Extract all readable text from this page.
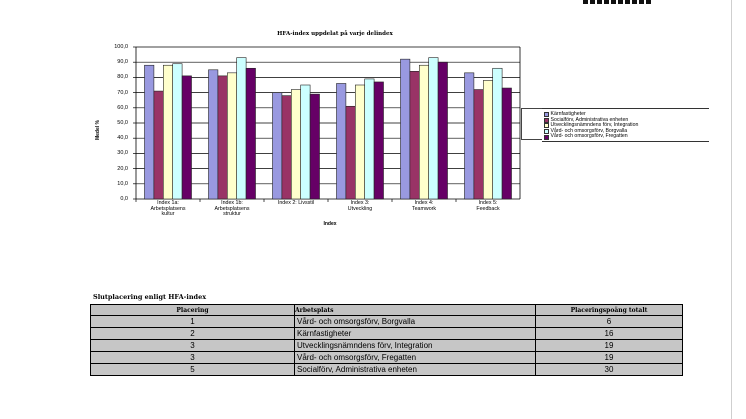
HFA-index uppdelat på varje delindex
Medel %
Index
0,0
10,0
20,0
30,0
40,0
50,0
60,0
70,0
80,0
90,0
100,0
Index 1a:
Arbetsplatsens
kultur
Index 1b:
Arbetsplatsens
struktur
Index 2: Livsstil	Index 3:
Utveckling
Index 4:
Teamwork
Index 5:
Feedback
Kärnfastigheter
Socialförv, Administrativa enheten
Utvecklingsnämndens förv, Integration
Vård- och omsorgsförv, Borgvalla
Vård- och omsorgsförv, Fregatten
Slutplacering enligt HFA-index
Placering	Arbetsplats	Placeringspoäng totalt
1	Vård- och omsorgsförv, Borgvalla	6
2	Kärnfastigheter	16
3	Utvecklingsnämndens förv, Integration	19
3	Vård- och omsorgsförv, Fregatten	19
5	Socialförv, Administrativa enheten	30
